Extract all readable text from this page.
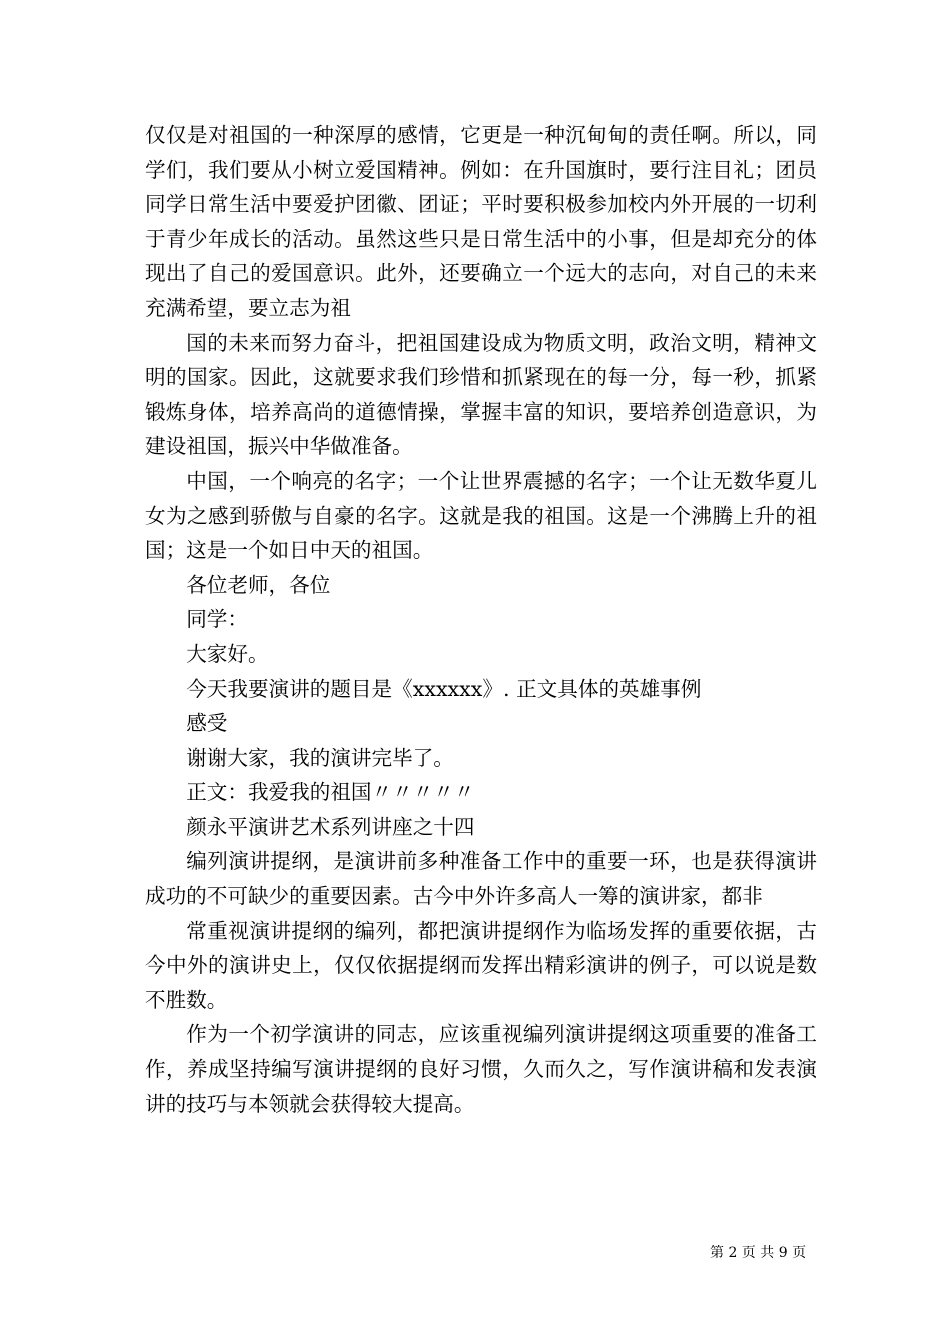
仅仅是对祖国的一种深厚的感情，它更是一种沉甸甸的责任啊。所以，同学们，我们要从小树立爱国精神。例如：在升国旗时，要行注目礼；团员同学日常生活中要爱护团徽、团证；平时要积极参加校内外开展的一切利于青少年成长的活动。虽然这些只是日常生活中的小事，但是却充分的体现出了自己的爱国意识。此外，还要确立一个远大的志向，对自己的未来充满希望，要立志为祖

国的未来而努力奋斗，把祖国建设成为物质文明，政治文明，精神文明的国家。因此，这就要求我们珍惜和抓紧现在的每一分，每一秒，抓紧锻炼身体，培养高尚的道德情操，掌握丰富的知识，要培养创造意识，为建设祖国，振兴中华做准备。

中国，一个响亮的名字；一个让世界震撼的名字；一个让无数华夏儿女为之感到骄傲与自豪的名字。这就是我的祖国。这是一个沸腾上升的祖国；这是一个如日中天的祖国。

各位老师，各位

同学：

大家好。

今天我要演讲的题目是《xxxxxx》. 正文具体的英雄事例

感受

谢谢大家，我的演讲完毕了。

正文：我爱我的祖国〃〃〃〃〃

颜永平演讲艺术系列讲座之十四

编列演讲提纲，是演讲前多种准备工作中的重要一环，也是获得演讲成功的不可缺少的重要因素。古今中外许多高人一筹的演讲家，都非

常重视演讲提纲的编列，都把演讲提纲作为临场发挥的重要依据，古今中外的演讲史上，仅仅依据提纲而发挥出精彩演讲的例子，可以说是数不胜数。

作为一个初学演讲的同志，应该重视编列演讲提纲这项重要的准备工作，养成坚持编写演讲提纲的良好习惯，久而久之，写作演讲稿和发表演讲的技巧与本领就会获得较大提高。

第 2 页 共 9 页
